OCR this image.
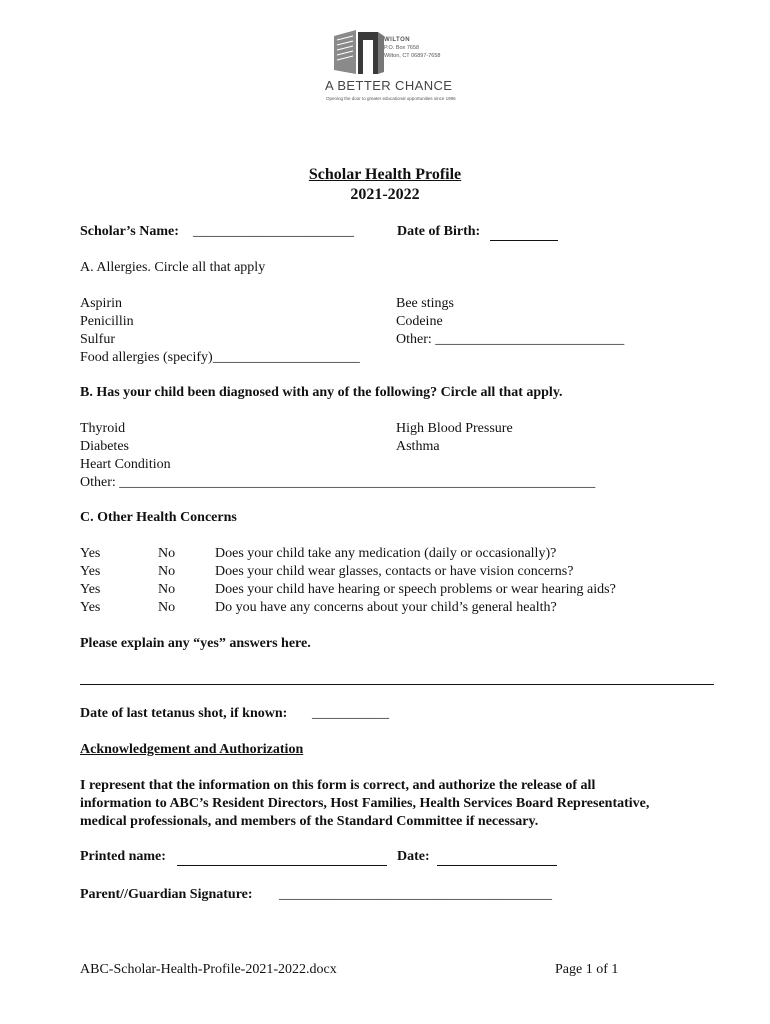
WILTON
P.O. Box 7658
Wilton, CT 06897-7658
A BETTER CHANCE
Opening the door to greater educational opportunities since 1996
Scholar Health Profile
2021-2022
Scholar’s Name: _______________________	Date of Birth:
A. Allergies. Circle all that apply
Aspirin
Penicillin
Sulfur
Food allergies (specify)_____________________
Bee stings
Codeine
Other: ___________________________
B. Has your child been diagnosed with any of the following? Circle all that apply.
Thyroid
Diabetes
Heart Condition
Other: ____________________________________________________________________
High Blood Pressure
Asthma
C. Other Health Concerns
Yes	No	Does your child take any medication (daily or occasionally)?
Yes	No	Does your child wear glasses, contacts or have vision concerns?
Yes	No	Does your child have hearing or speech problems or wear hearing aids?
Yes	No	Do you have any concerns about your child’s general health?
Please explain any “yes” answers here.
Date of last tetanus shot, if known: ___________
Acknowledgement and Authorization
I represent that the information on this form is correct, and authorize the release of all
information to ABC’s Resident Directors, Host Families, Health Services Board Representative,
medical professionals, and members of the Standard Committee if necessary.
Printed name:	Date:
Parent//Guardian Signature: _______________________________________
ABC-Scholar-Health-Profile-2021-2022.docx	Page 1 of 1
